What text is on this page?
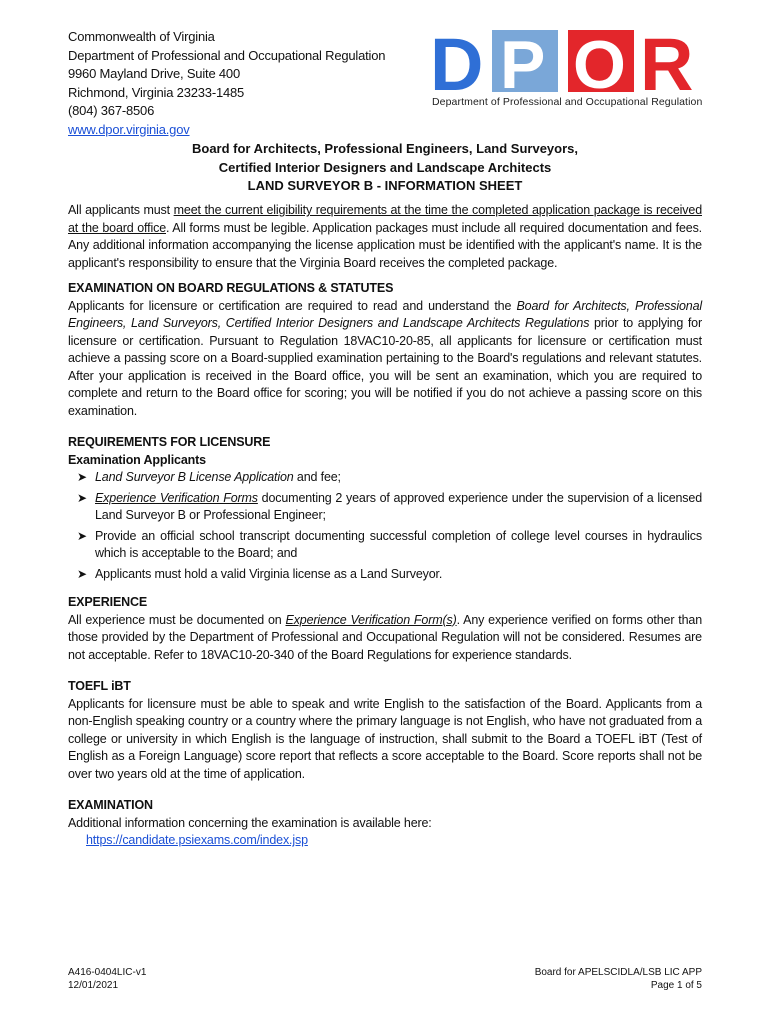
Commonwealth of Virginia
Department of Professional and Occupational Regulation
9960 Mayland Drive, Suite 400
Richmond, Virginia 23233-1485
(804) 367-8506
www.dpor.virginia.gov
D P O R
Department of Professional and Occupational Regulation
Board for Architects, Professional Engineers, Land Surveyors,
Certified Interior Designers and Landscape Architects
LAND SURVEYOR B - INFORMATION SHEET

All applicants must meet the current eligibility requirements at the time the completed application package is received at the board office. All forms must be legible. Application packages must include all required documentation and fees. Any additional information accompanying the license application must be identified with the applicant's name. It is the applicant's responsibility to ensure that the Virginia Board receives the completed package.

EXAMINATION ON BOARD REGULATIONS & STATUTES

Applicants for licensure or certification are required to read and understand the Board for Architects, Professional Engineers, Land Surveyors, Certified Interior Designers and Landscape Architects Regulations prior to applying for licensure or certification. Pursuant to Regulation 18VAC10-20-85, all applicants for licensure or certification must achieve a passing score on a Board-supplied examination pertaining to the Board's regulations and relevant statutes. After your application is received in the Board office, you will be sent an examination, which you are required to complete and return to the Board office for scoring; you will be notified if you do not achieve a passing score on this examination.

REQUIREMENTS FOR LICENSURE
Examination Applicants
➤ Land Surveyor B License Application and fee;
➤ Experience Verification Forms documenting 2 years of approved experience under the supervision of a licensed Land Surveyor B or Professional Engineer;
➤ Provide an official school transcript documenting successful completion of college level courses in hydraulics which is acceptable to the Board; and
➤ Applicants must hold a valid Virginia license as a Land Surveyor.
EXPERIENCE

All experience must be documented on Experience Verification Form(s). Any experience verified on forms other than those provided by the Department of Professional and Occupational Regulation will not be considered. Resumes are not acceptable. Refer to 18VAC10-20-340 of the Board Regulations for experience standards.

TOEFL iBT

Applicants for licensure must be able to speak and write English to the satisfaction of the Board. Applicants from a non-English speaking country or a country where the primary language is not English, who have not graduated from a college or university in which English is the language of instruction, shall submit to the Board a TOEFL iBT (Test of English as a Foreign Language) score report that reflects a score acceptable to the Board. Score reports shall not be over two years old at the time of application.

EXAMINATION

Additional information concerning the examination is available here:

https://candidate.psiexams.com/index.jsp
A416-0404LIC-v1
12/01/2021
Board for APELSCIDLA/LSB LIC APP
Page 1 of 5
